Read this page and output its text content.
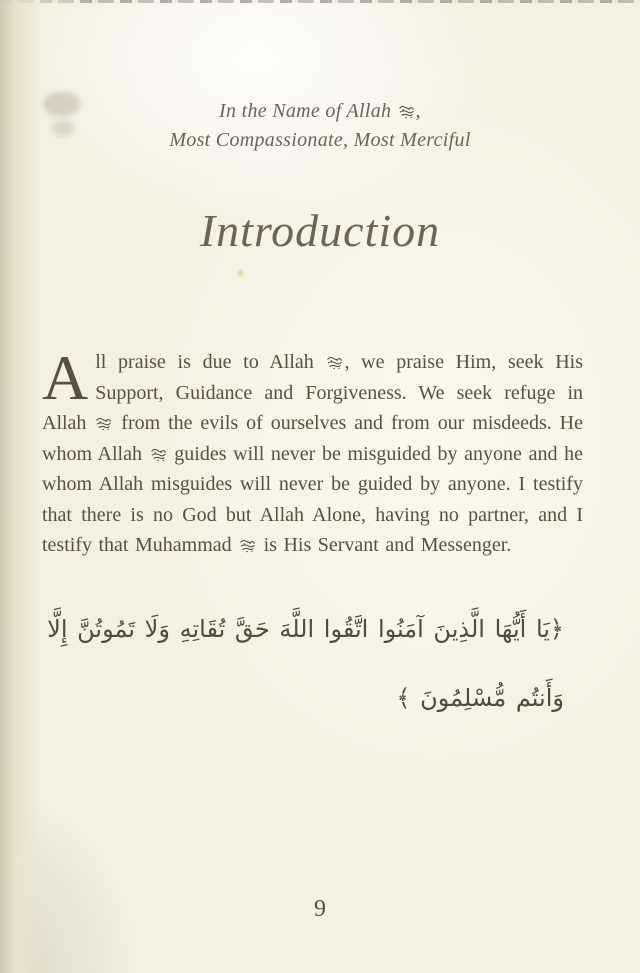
In the Name of Allah ,
Most Compassionate, Most Merciful
Introduction
All praise is due to Allah , we praise Him, seek His Support, Guidance and Forgiveness. We seek refuge in Allah  from the evils of ourselves and from our misdeeds. He whom Allah  guides will never be misguided by anyone and he whom Allah misguides will never be guided by anyone. I testify that there is no God but Allah Alone, having no partner, and I testify that Muhammad  is His Servant and Messenger.
﴿يَا أَيُّهَا الَّذِينَ آمَنُوا اتَّقُوا اللَّهَ حَقَّ تُقَاتِهِ وَلَا تَمُوتُنَّ إِلَّا
وَأَنتُم مُّسْلِمُونَ ﴾
9
